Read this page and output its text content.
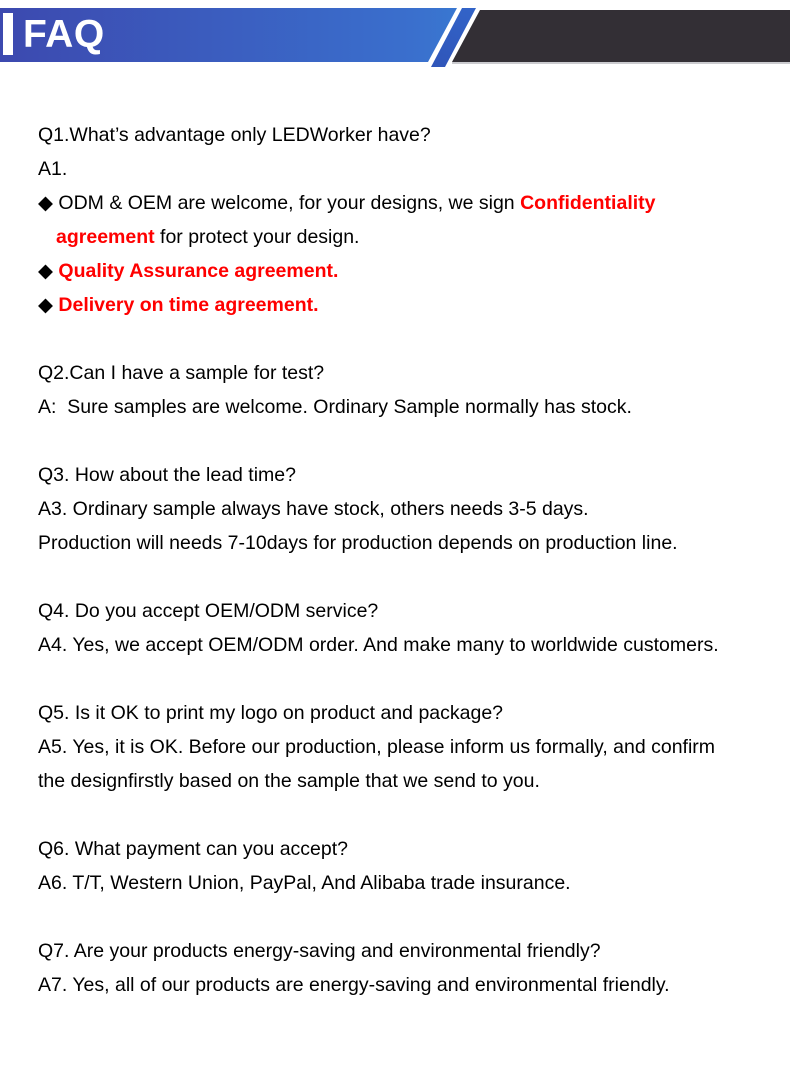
FAQ
Q1.What’s advantage only LEDWorker have?
A1.
◆ ODM & OEM are welcome, for your designs, we sign Confidentiality
agreement for protect your design.
◆ Quality Assurance agreement.
◆ Delivery on time agreement.
Q2.Can I have a sample for test?
A:  Sure samples are welcome. Ordinary Sample normally has stock.
Q3. How about the lead time?
A3. Ordinary sample always have stock, others needs 3-5 days.
Production will needs 7-10days for production depends on production line.
Q4. Do you accept OEM/ODM service?
A4. Yes, we accept OEM/ODM order. And make many to worldwide customers.
Q5. Is it OK to print my logo on product and package?
A5. Yes, it is OK. Before our production, please inform us formally, and confirm
the designfirstly based on the sample that we send to you.
Q6. What payment can you accept?
A6. T/T, Western Union, PayPal, And Alibaba trade insurance.
Q7. Are your products energy-saving and environmental friendly?
A7. Yes, all of our products are energy-saving and environmental friendly.
